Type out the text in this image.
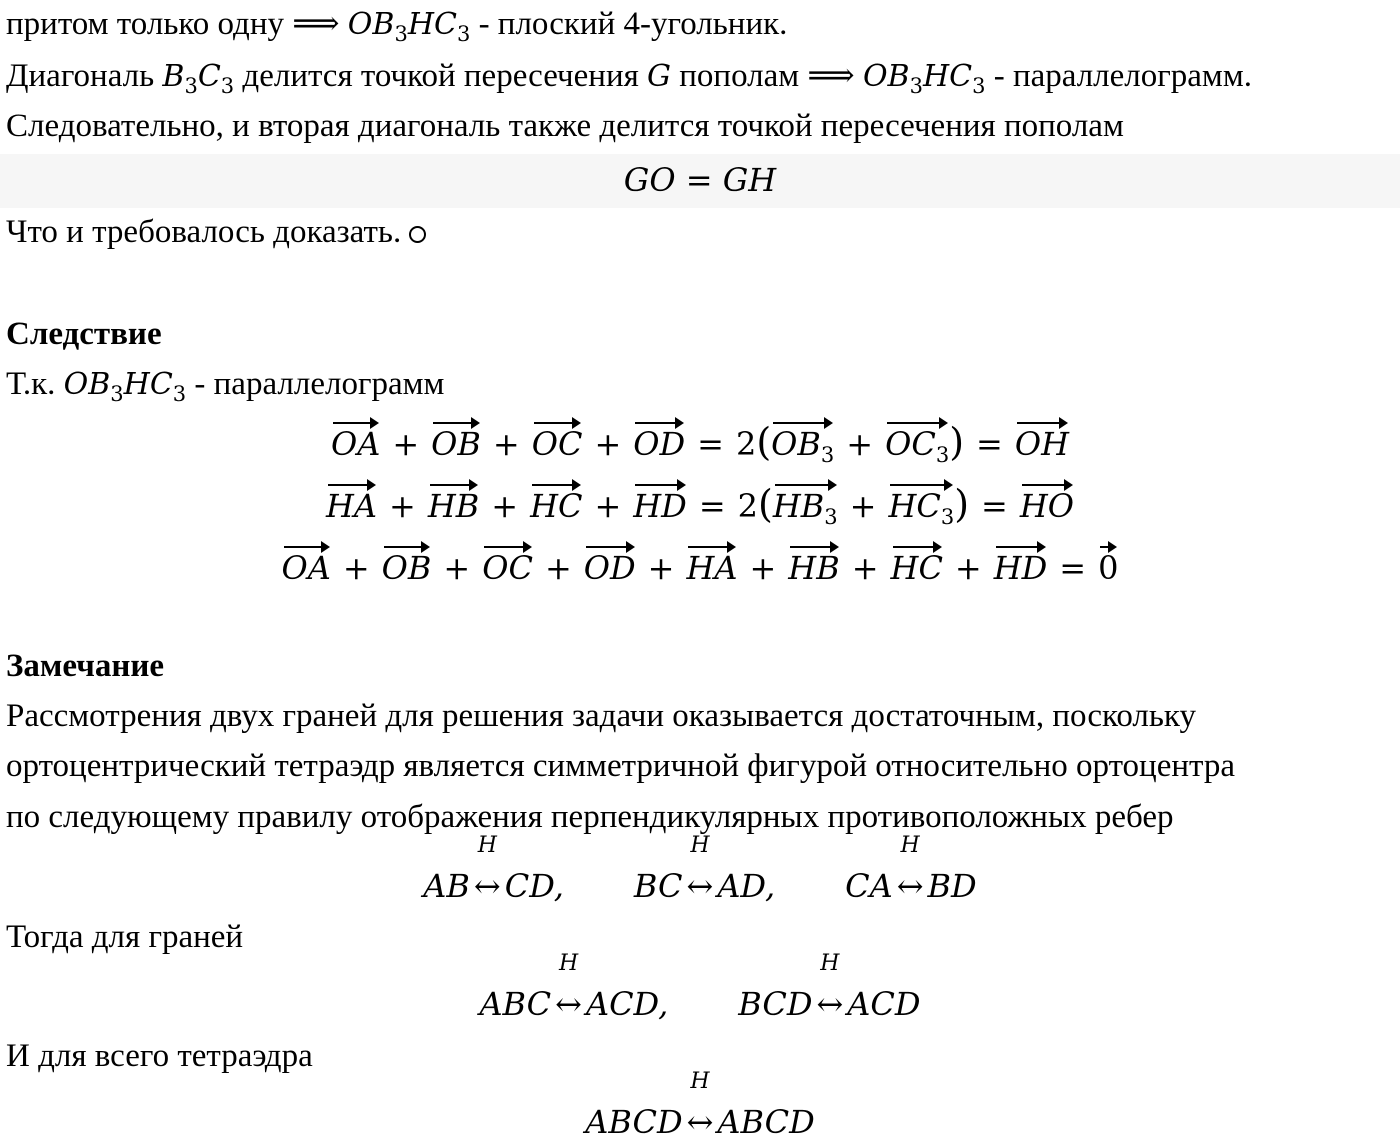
притом только одну ⟹ $OB_3HC_3$ - плоский 4-угольник.
Диагональ $B_3C_3$ делится точкой пересечения G пополам ⟹ $OB_3HC_3$ - параллелограмм.
Следовательно, и вторая диагональ также делится точкой пересечения пополам
GO = GH
Что и требовалось доказать.
Следствие
Т.к. $OB_3HC_3$ - параллелограмм
OA + OB + OC + OD = $2(OB_3 + OC_3)$ = OH
HA + HB + HC + HD = $2(HB_3 + HC_3)$ = HO
OA + OB + OC + OD + HA + HB + HC + HD = 0
Замечание
Рассмотрения двух граней для решения задачи оказывается достаточным, поскольку
ортоцентрический тетраэдр является симметричной фигурой относительно ортоцентра
по следующему правилу отображения перпендикулярных противоположных ребер
AB
H
↔ CD, BC
H
↔ AD, CA
H
↔ BD
Тогда для граней
ABC
H
↔ ACD, BCD
H
↔ ACD
И для всего тетраэдра
ABCD
H
↔ ABCD
